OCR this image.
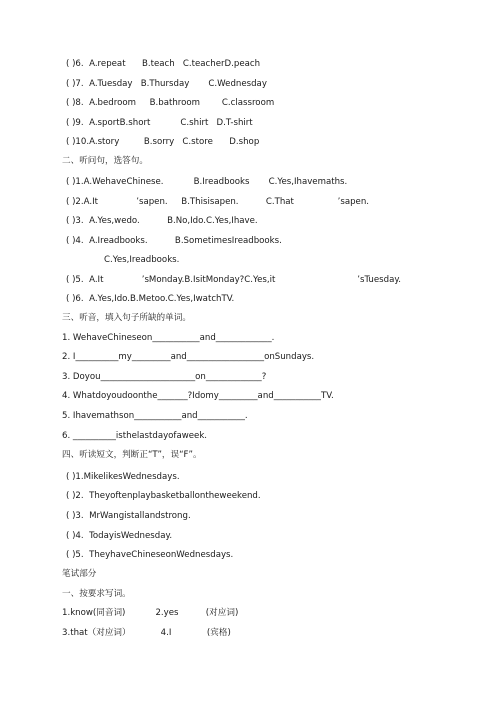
( )6.  A.repeat      B.teach   C.teacherD.peach
( )7.  A.Tuesday   B.Thursday       C.Wednesday
( )8.  A.bedroom     B.bathroom        C.classroom
( )9.  A.sportB.short           C.shirt   D.T-shirt
( )10.A.story         B.sorry   C.store      D.shop
二、听问句，选答句。
( )1.A.WehaveChinese.           B.Ireadbooks       C.Yes,Ihavemaths.
( )2.A.It              ’sapen.     B.Thisisapen.          C.That                ’sapen.
( )3.  A.Yes,wedo.          B.No,Ido.C.Yes,Ihave.
( )4.  A.Ireadbooks.          B.SometimesIreadbooks.
C.Yes,Ireadbooks.
( )5.  A.It              ’sMonday.B.IsitMonday?C.Yes,it                              ’sTuesday.
( )6.  A.Yes,Ido.B.Metoo.C.Yes,IwatchTV.
三、听音，填入句子所缺的单词。
1. WehaveChineseon___________and_____________.
2. I__________my_________and__________________onSundays.
3. Doyou______________________on_____________?
4. Whatdoyoudoonthe_______?Idomy_________and___________TV.
5. Ihavemathson___________and___________.
6. __________isthelastdayofaweek.
四、听读短文，判断正“T”，误“F”。
( )1.MikelikesWednesdays.
( )2.  Theyoftenplaybasketballontheweekend.
( )3.  MrWangistallandstrong.
( )4.  TodayisWednesday.
( )5.  TheyhaveChineseonWednesdays.
笔试部分
一、按要求写词。
1.know(同音词)           2.yes          (对应词)
3.that（对应词）           4.I             (宾格)
